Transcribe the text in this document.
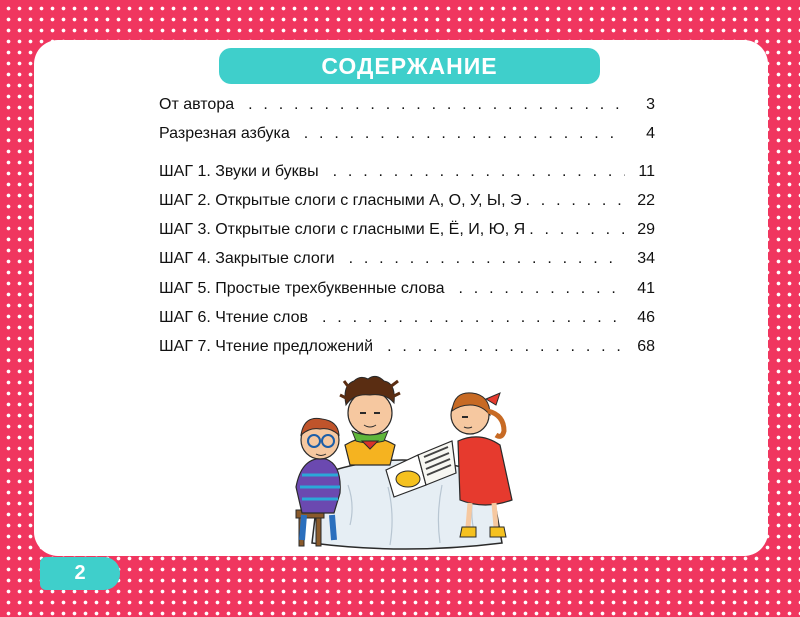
СОДЕРЖАНИЕ
От автора . . .	3
Разрезная азбука . . .	4
ШАГ 1. Звуки и буквы . . .	11
ШАГ 2. Открытые слоги с гласными А, О, У, Ы, Э . . .	22
ШАГ 3. Открытые слоги с гласными Е, Ё, И, Ю, Я . . .	29
ШАГ 4. Закрытые слоги . . .	34
ШАГ 5. Простые трехбуквенные слова . . .	41
ШАГ 6. Чтение слов . . .	46
ШАГ 7. Чтение предложений . . .	68
2
